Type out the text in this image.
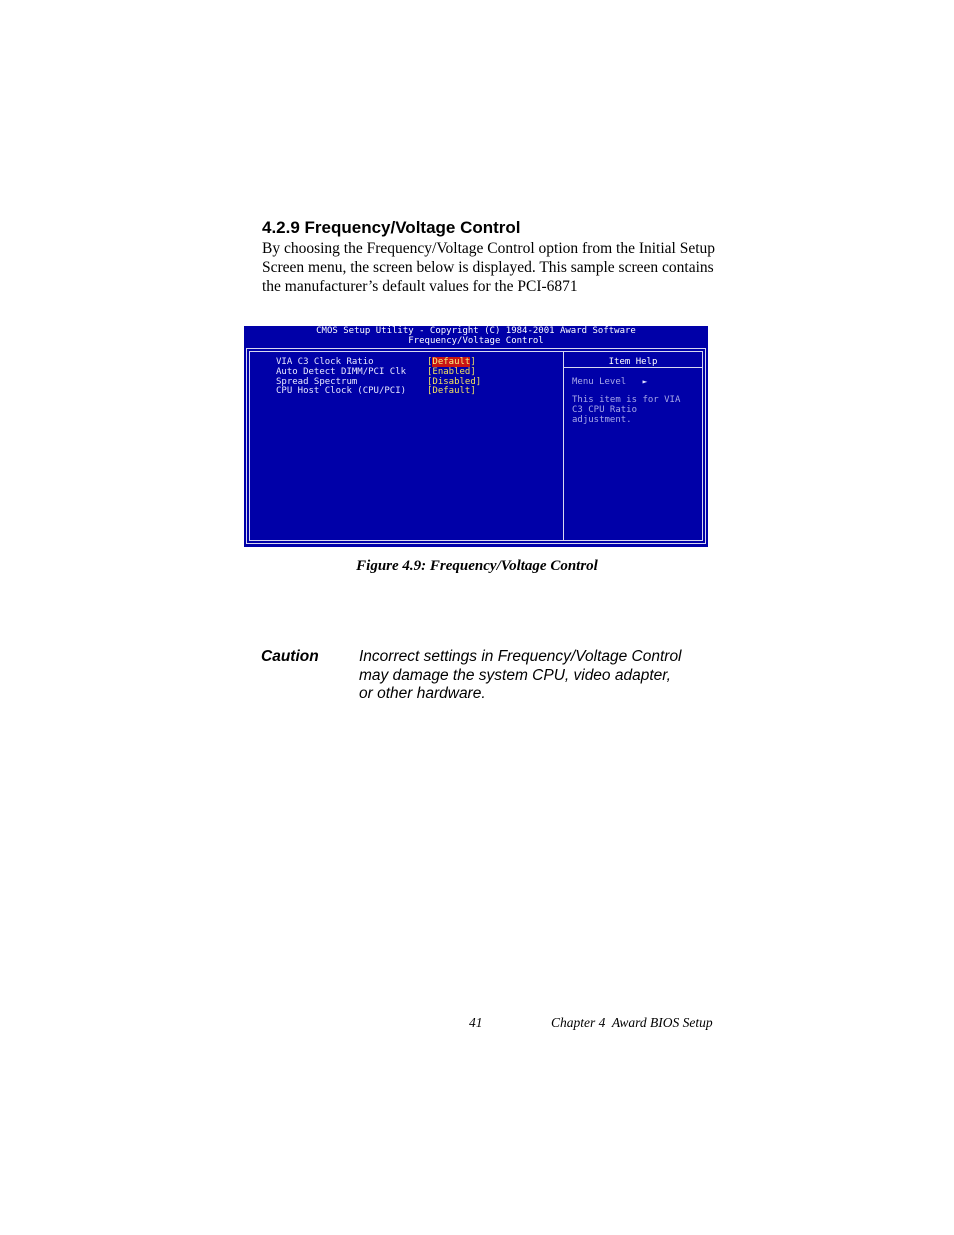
4.2.9 Frequency/Voltage Control
By choosing the Frequency/Voltage Control option from the Initial Setup
Screen menu, the screen below is displayed. This sample screen contains
the manufacturer’s default values for the PCI-6871
CMOS Setup Utility - Copyright (C) 1984-2001 Award Software
Frequency/Voltage Control
VIA C3 Clock Ratio	[Default]
Auto Detect DIMM/PCI Clk	[Enabled]
Spread Spectrum	[Disabled]
CPU Host Clock (CPU/PCI)	[Default]
Item Help
Menu Level ►
This item is for VIA
C3 CPU Ratio
adjustment.
Figure 4.9: Frequency/Voltage Control
Caution	Incorrect settings in Frequency/Voltage Control
may damage the system CPU, video adapter,
or other hardware.
41	Chapter 4  Award BIOS Setup
